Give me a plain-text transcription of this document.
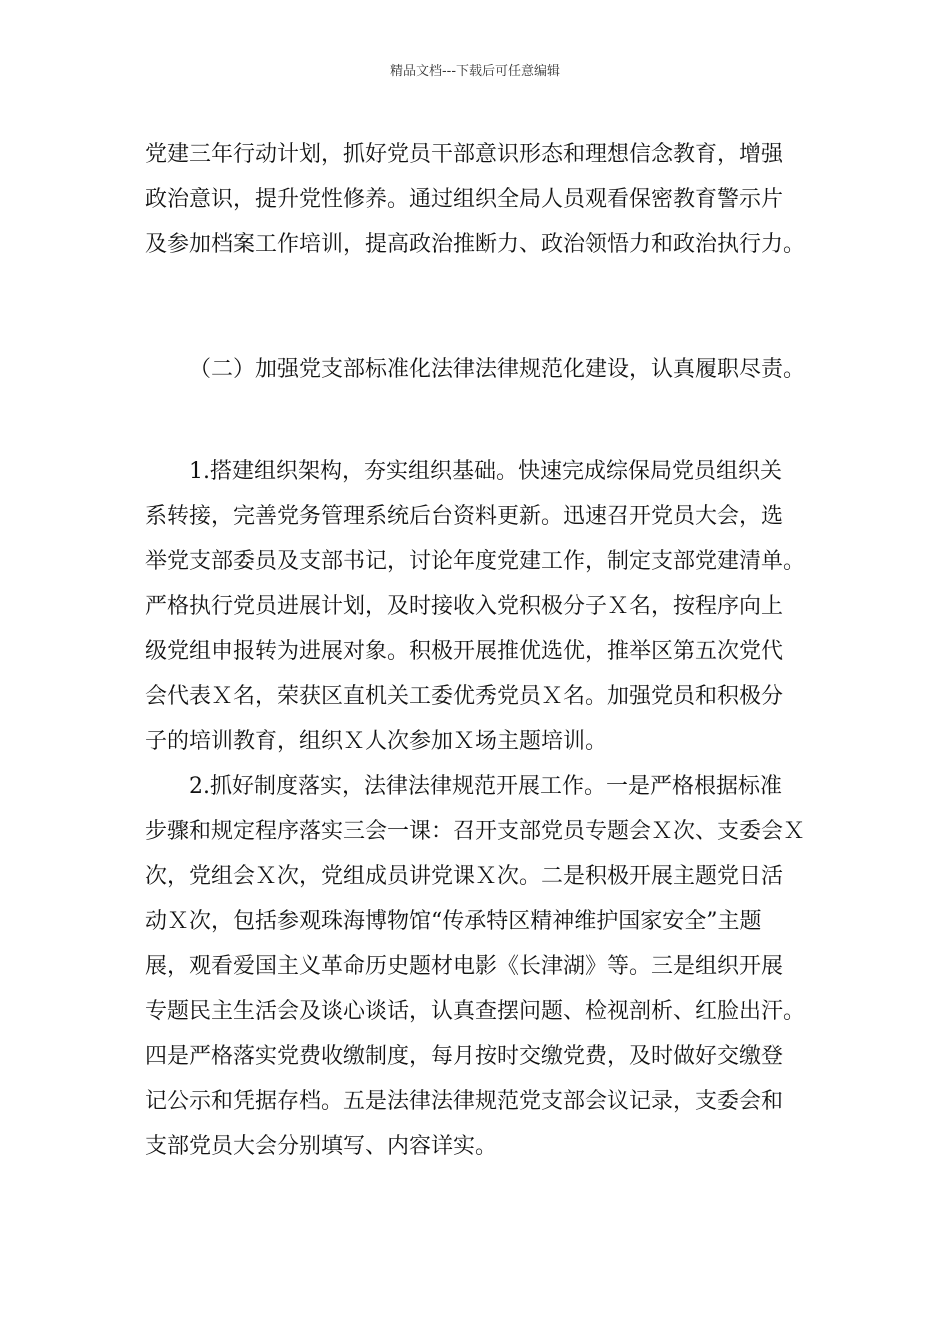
精品文档---下载后可任意编辑

党建三年行动计划，抓好党员干部意识形态和理想信念教育，增强

政治意识，提升党性修养。通过组织全局人员观看保密教育警示片

及参加档案工作培训，提高政治推断力、政治领悟力和政治执行力。

（二）加强党支部标准化法律法律规范化建设，认真履职尽责。

1.搭建组织架构，夯实组织基础。快速完成综保局党员组织关

系转接，完善党务管理系统后台资料更新。迅速召开党员大会，选

举党支部委员及支部书记，讨论年度党建工作，制定支部党建清单。

严格执行党员进展计划，及时接收入党积极分子Ｘ名，按程序向上

级党组申报转为进展对象。积极开展推优选优，推举区第五次党代

会代表Ｘ名，荣获区直机关工委优秀党员Ｘ名。加强党员和积极分

子的培训教育，组织Ｘ人次参加Ｘ场主题培训。

2.抓好制度落实，法律法律规范开展工作。一是严格根据标准

步骤和规定程序落实三会一课：召开支部党员专题会Ｘ次、支委会Ｘ

次，党组会Ｘ次，党组成员讲党课Ｘ次。二是积极开展主题党日活

动Ｘ次，包括参观珠海博物馆“传承特区精神维护国家安全”主题

展，观看爱国主义革命历史题材电影《长津湖》等。三是组织开展

专题民主生活会及谈心谈话，认真查摆问题、检视剖析、红脸出汗。

四是严格落实党费收缴制度，每月按时交缴党费，及时做好交缴登

记公示和凭据存档。五是法律法律规范党支部会议记录，支委会和

支部党员大会分别填写、内容详实。
